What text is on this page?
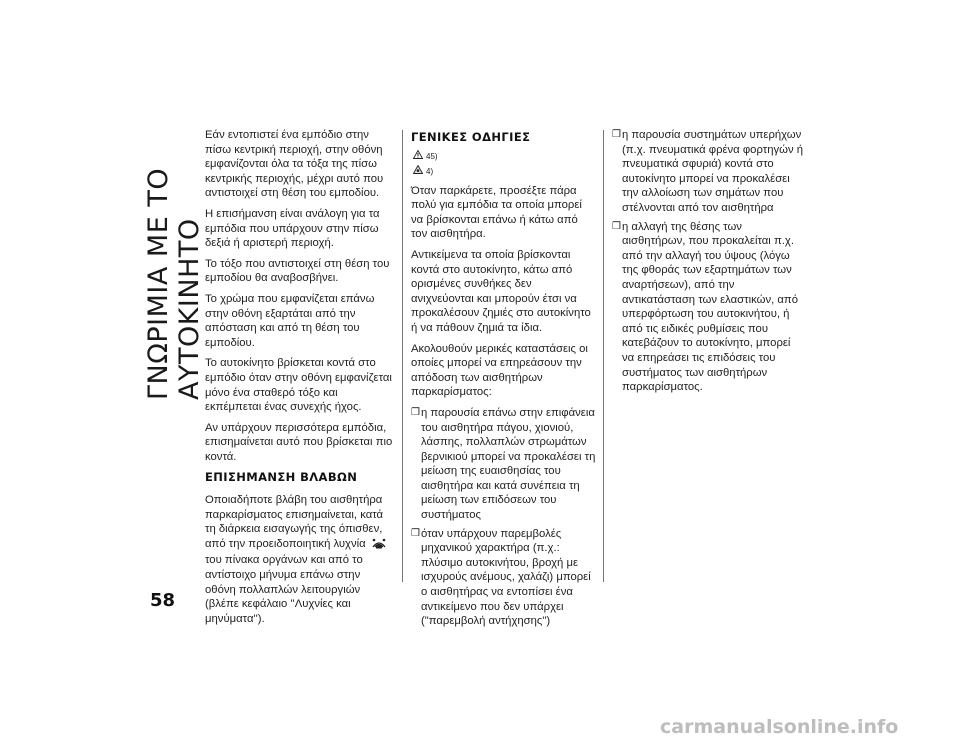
ΓΝΩΡΙΜΙΑ ΜΕ ΤΟ ΑΥΤΟΚΙΝΗΤΟ
58

Εάν εντοπιστεί ένα εμπόδιο στην πίσω κεντρική περιοχή, στην οθόνη εμφανίζονται όλα τα τόξα της πίσω κεντρικής περιοχής, μέχρι αυτό που αντιστοιχεί στη θέση του εμποδίου.

Η επισήμανση είναι ανάλογη για τα εμπόδια που υπάρχουν στην πίσω δεξιά ή αριστερή περιοχή.

Το τόξο που αντιστοιχεί στη θέση του εμποδίου θα αναβοσβήνει.

Το χρώμα που εμφανίζεται επάνω στην οθόνη εξαρτάται από την απόσταση και από τη θέση του εμποδίου.

Το αυτοκίνητο βρίσκεται κοντά στο εμπόδιο όταν στην οθόνη εμφανίζεται μόνο ένα σταθερό τόξο και εκπέμπεται ένας συνεχής ήχος.

Αν υπάρχουν περισσότερα εμπόδια, επισημαίνεται αυτό που βρίσκεται πιο κοντά.

ΕΠΙΣΗΜΑΝΣΗ ΒΛΑΒΩΝ

Οποιαδήποτε βλάβη του αισθητήρα παρκαρίσματος επισημαίνεται, κατά τη διάρκεια εισαγωγής της όπισθεν, από την προειδοποιητική λυχνία  του πίνακα οργάνων και από το αντίστοιχο μήνυμα επάνω στην οθόνη πολλαπλών λειτουργιών (βλέπε κεφάλαιο ''Λυχνίες και μηνύματα'').

ΓΕΝΙΚΕΣ ΟΔΗΓΙΕΣ
45)
4)

Όταν παρκάρετε, προσέξτε πάρα πολύ για εμπόδια τα οποία μπορεί να βρίσκονται επάνω ή κάτω από τον αισθητήρα.

Αντικείμενα τα οποία βρίσκονται κοντά στο αυτοκίνητο, κάτω από ορισμένες συνθήκες δεν ανιχνεύονται και μπορούν έτσι να προκαλέσουν ζημιές στο αυτοκίνητο ή να πάθουν ζημιά τα ίδια.

Ακολουθούν μερικές καταστάσεις οι οποίες μπορεί να επηρεάσουν την απόδοση των αισθητήρων παρκαρίσματος:

❒ η παρουσία επάνω στην επιφάνεια του αισθητήρα πάγου, χιονιού, λάσπης, πολλαπλών στρωμάτων βερνικιού μπορεί να προκαλέσει τη μείωση της ευαισθησίας του αισθητήρα και κατά συνέπεια τη μείωση των επιδόσεων του συστήματος
❒ όταν υπάρχουν παρεμβολές μηχανικού χαρακτήρα (π.χ.: πλύσιμο αυτοκινήτου, βροχή με ισχυρούς ανέμους, χαλάζι) μπορεί ο αισθητήρας να εντοπίσει ένα αντικείμενο που δεν υπάρχει ("παρεμβολή αντήχησης")
❒ η παρουσία συστημάτων υπερήχων (π.χ. πνευματικά φρένα φορτηγών ή πνευματικά σφυριά) κοντά στο αυτοκίνητο μπορεί να προκαλέσει την αλλοίωση των σημάτων που στέλνονται από τον αισθητήρα
❒ η αλλαγή της θέσης των αισθητήρων, που προκαλείται π.χ. από την αλλαγή του ύψους (λόγω της φθοράς των εξαρτημάτων των αναρτήσεων), από την αντικατάσταση των ελαστικών, από υπερφόρτωση του αυτοκινήτου, ή από τις ειδικές ρυθμίσεις που κατεβάζουν το αυτοκίνητο, μπορεί να επηρεάσει τις επιδόσεις του συστήματος των αισθητήρων παρκαρίσματος.
carmanualsonline.info
